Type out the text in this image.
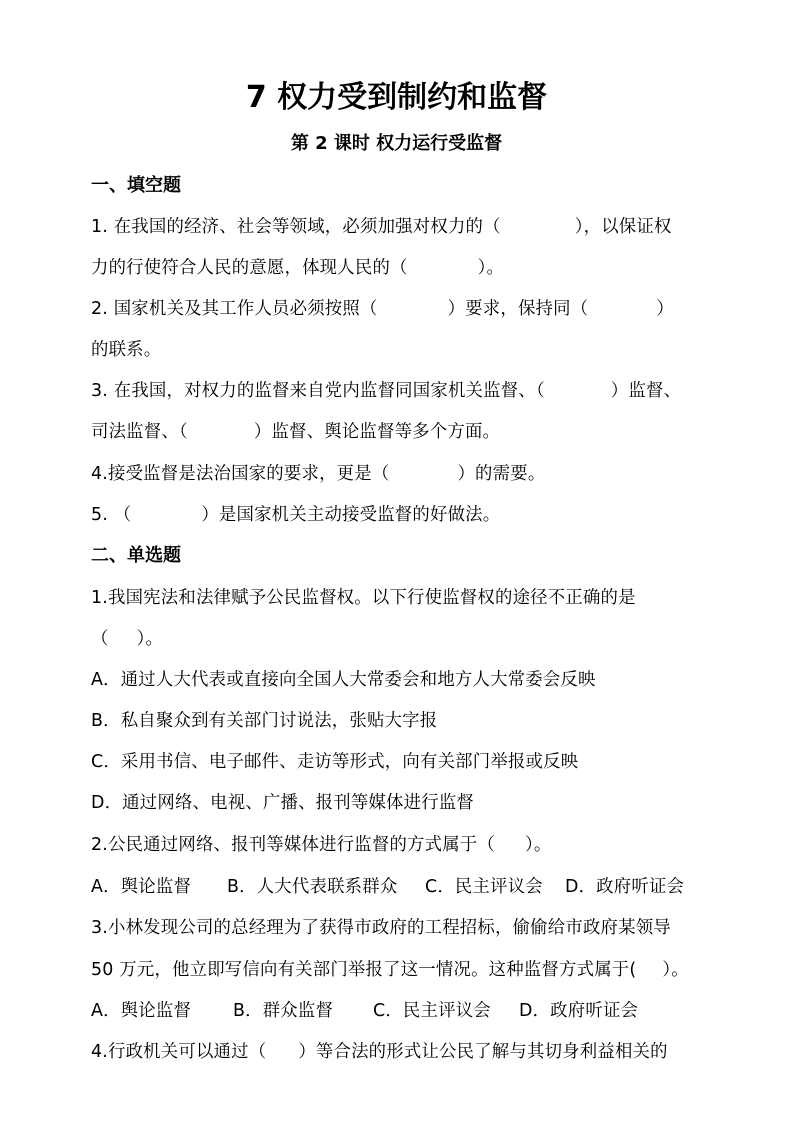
7 权力受到制约和监督
第 2 课时 权力运行受监督
一、填空题
1. 在我国的经济、社会等领域，必须加强对权力的（	），以保证权
力的行使符合人民的意愿，体现人民的（	）。
2. 国家机关及其工作人员必须按照（	）要求，保持同（	）
的联系。
3. 在我国，对权力的监督来自党内监督同国家机关监督、（	）监督、
司法监督、（	）监督、舆论监督等多个方面。
4.接受监督是法治国家的要求，更是（	）的需要。
5. （	）是国家机关主动接受监督的好做法。
二、单选题
1.我国宪法和法律赋予公民监督权。以下行使监督权的途径不正确的是
（ ）。
A．通过人大代表或直接向全国人大常委会和地方人大常委会反映
B．私自聚众到有关部门讨说法，张贴大字报
C．采用书信、电子邮件、走访等形式，向有关部门举报或反映
D．通过网络、电视、广播、报刊等媒体进行监督
2.公民通过网络、报刊等媒体进行监督的方式属于（ ）。
A．舆论监督 B．人大代表联系群众 C．民主评议会 D．政府听证会
3.小林发现公司的总经理为了获得市政府的工程招标，偷偷给市政府某领导
50 万元，他立即写信向有关部门举报了这一情况。这种监督方式属于( ）。
A．舆论监督 B．群众监督 C．民主评议会 D．政府听证会
4.行政机关可以通过（ ）等合法的形式让公民了解与其切身利益相关的
